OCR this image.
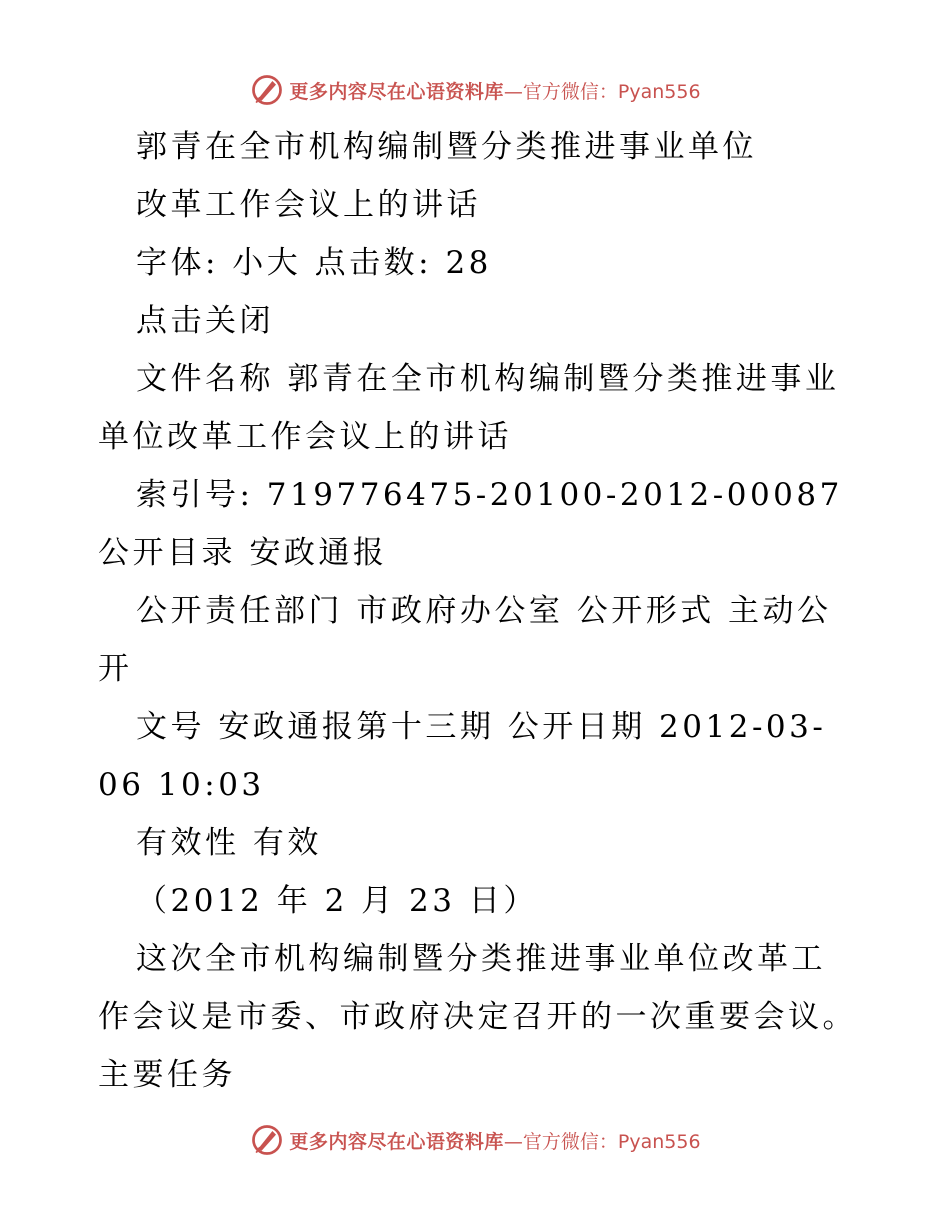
更多内容尽在心语资料库 —官方微信：Pyan556

郭青在全市机构编制暨分类推进事业单位

改革工作会议上的讲话

字体: 小大 点击数: 28

点击关闭

文件名称 郭青在全市机构编制暨分类推进事业单位改革工作会议上的讲话

索引号: 719776475-20100-2012-00087 公开目录 安政通报

公开责任部门 市政府办公室 公开形式 主动公开

文号 安政通报第十三期 公开日期 2012-03-06 10:03

有效性 有效

（2012 年 2 月 23 日）

这次全市机构编制暨分类推进事业单位改革工作会议是市委、市政府决定召开的一次重要会议。主要任务

更多内容尽在心语资料库 —官方微信：Pyan556
